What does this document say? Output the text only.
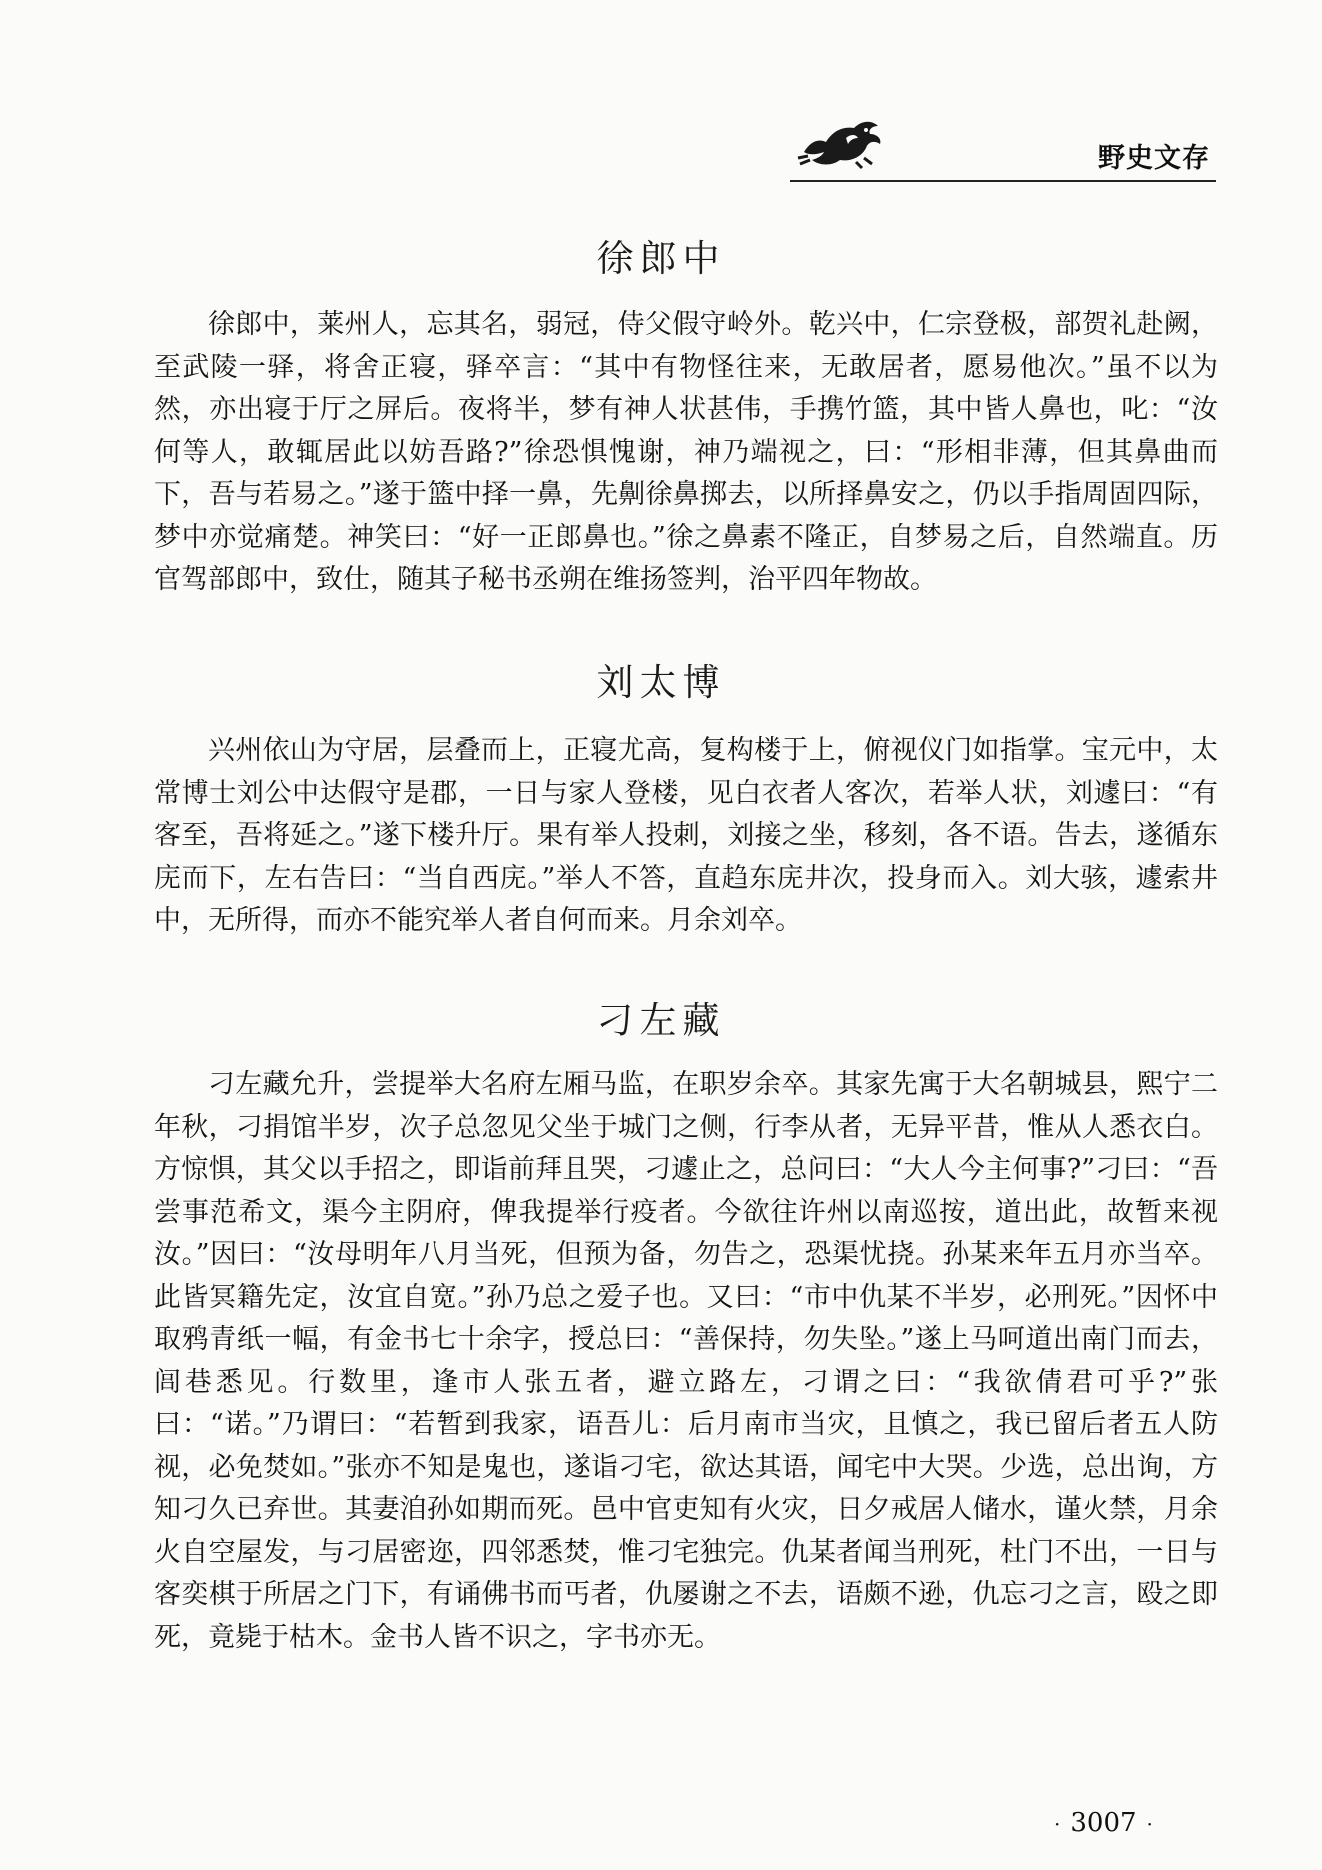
野史文存
徐郎中

徐郎中，莱州人，忘其名，弱冠，侍父假守岭外。乾兴中，仁宗登极，部贺礼赴阙，至武陵一驿，将舍正寝，驿卒言：“其中有物怪往来，无敢居者，愿易他次。”虽不以为然，亦出寝于厅之屏后。夜将半，梦有神人状甚伟，手携竹篮，其中皆人鼻也，叱：“汝何等人，敢辄居此以妨吾路?”徐恐惧愧谢，神乃端视之，曰：“形相非薄，但其鼻曲而下，吾与若易之。”遂于篮中择一鼻，先劓徐鼻掷去，以所择鼻安之，仍以手指周固四际，梦中亦觉痛楚。神笑曰：“好一正郎鼻也。”徐之鼻素不隆正，自梦易之后，自然端直。历官驾部郎中，致仕，随其子秘书丞朔在维扬签判，治平四年物故。

刘太博

兴州依山为守居，层叠而上，正寝尤高，复构楼于上，俯视仪门如指掌。宝元中，太常博士刘公中达假守是郡，一日与家人登楼，见白衣者人客次，若举人状，刘遽曰：“有客至，吾将延之。”遂下楼升厅。果有举人投刺，刘接之坐，移刻，各不语。告去，遂循东庑而下，左右告曰：“当自西庑。”举人不答，直趋东庑井次，投身而入。刘大骇，遽索井中，无所得，而亦不能究举人者自何而来。月余刘卒。

刁左藏

刁左藏允升，尝提举大名府左厢马监，在职岁余卒。其家先寓于大名朝城县，熙宁二年秋，刁捐馆半岁，次子总忽见父坐于城门之侧，行李从者，无异平昔，惟从人悉衣白。方惊惧，其父以手招之，即诣前拜且哭，刁遽止之，总问曰：“大人今主何事?”刁曰：“吾尝事范希文，渠今主阴府，俾我提举行疫者。今欲往许州以南巡按，道出此，故暂来视汝。”因曰：“汝母明年八月当死，但预为备，勿告之，恐渠忧挠。孙某来年五月亦当卒。此皆冥籍先定，汝宜自宽。”孙乃总之爱子也。又曰：“市中仇某不半岁，必刑死。”因怀中取鸦青纸一幅，有金书七十余字，授总曰：“善保持，勿失坠。”遂上马呵道出南门而去，闾巷悉见。行数里，逢市人张五者，避立路左，刁谓之曰：“我欲倩君可乎?”张曰：“诺。”乃谓曰：“若暂到我家，语吾儿：后月南市当灾，且慎之，我已留后者五人防视，必免焚如。”张亦不知是鬼也，遂诣刁宅，欲达其语，闻宅中大哭。少选，总出询，方知刁久已弃世。其妻洎孙如期而死。邑中官吏知有火灾，日夕戒居人储水，谨火禁，月余火自空屋发，与刁居密迩，四邻悉焚，惟刁宅独完。仇某者闻当刑死，杜门不出，一日与客奕棋于所居之门下，有诵佛书而丐者，仇屡谢之不去，语颇不逊，仇忘刁之言，殴之即死，竟毙于枯木。金书人皆不识之，字书亦无。

· 3007 ·
